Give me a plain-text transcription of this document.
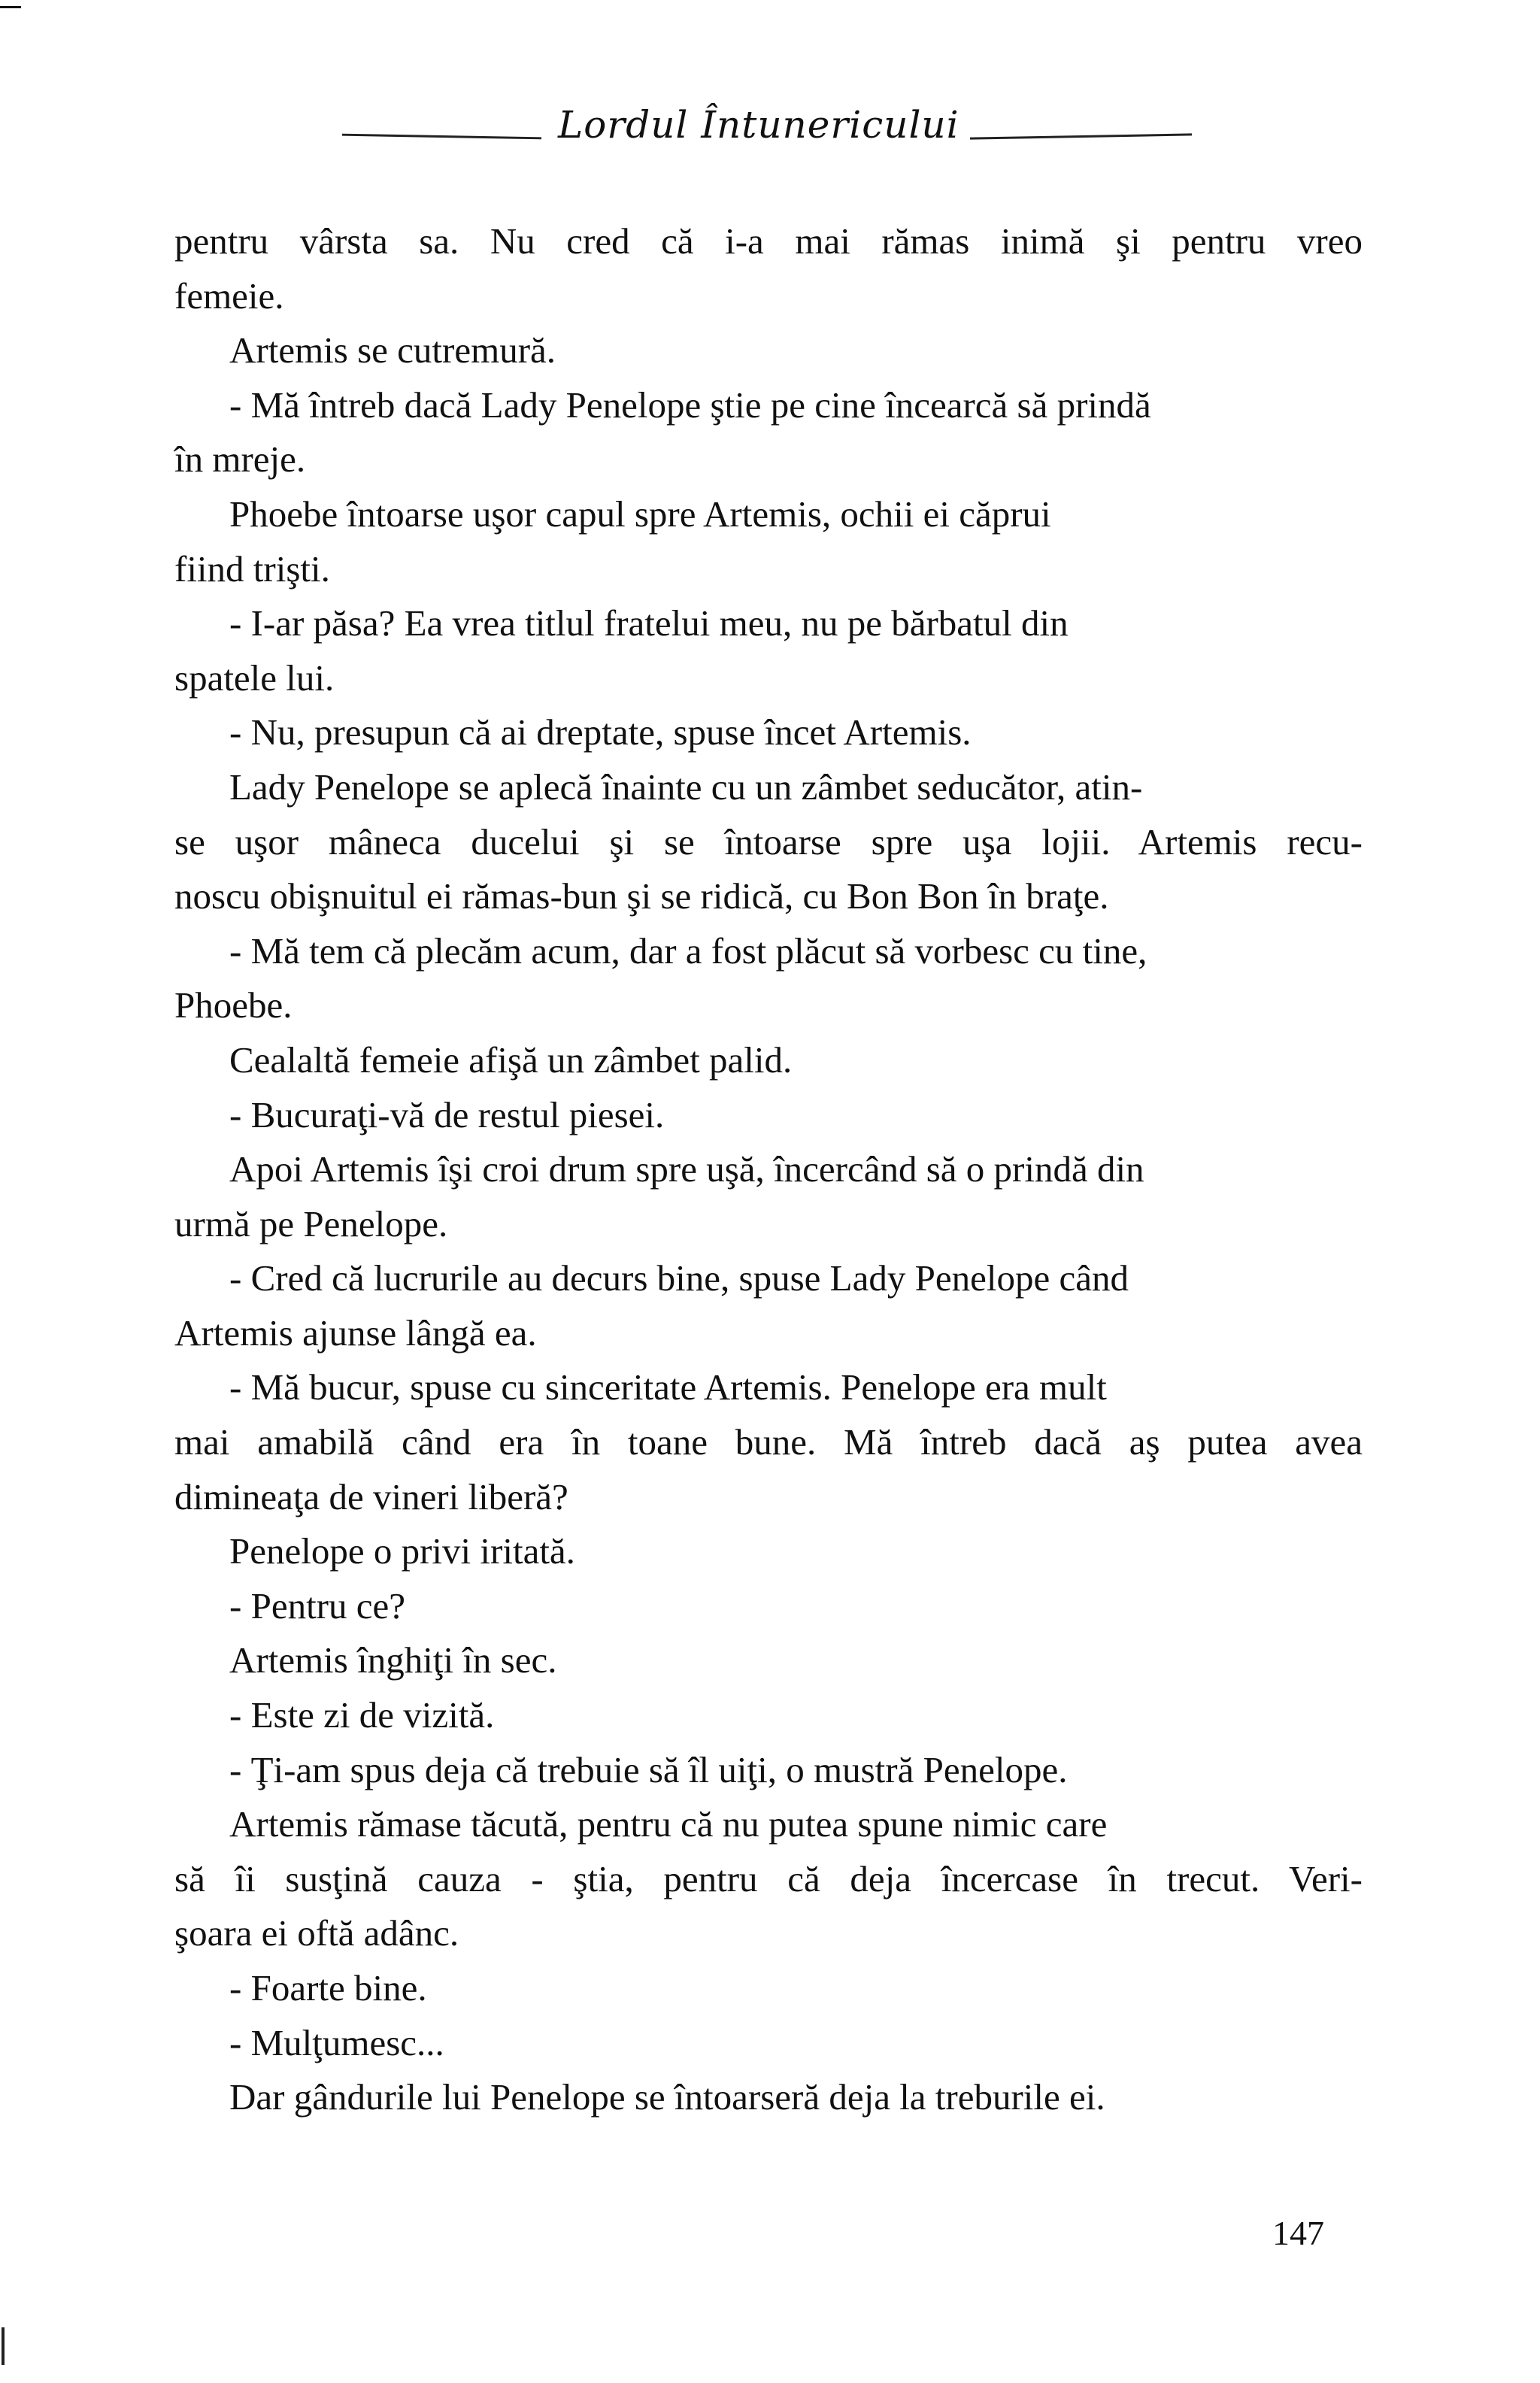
Lordul Întunericului
pentru vârsta sa. Nu cred că i-a mai rămas inimă şi pentru vreo
femeie.
Artemis se cutremură.
- Mă întreb dacă Lady Penelope ştie pe cine încearcă să prindă
în mreje.
Phoebe întoarse uşor capul spre Artemis, ochii ei căprui
fiind trişti.
- I-ar păsa? Ea vrea titlul fratelui meu, nu pe bărbatul din
spatele lui.
- Nu, presupun că ai dreptate, spuse încet Artemis.
Lady Penelope se aplecă înainte cu un zâmbet seducător, atin-
se uşor mâneca ducelui şi se întoarse spre uşa lojii. Artemis recu-
noscu obişnuitul ei rămas-bun şi se ridică, cu Bon Bon în braţe.
- Mă tem că plecăm acum, dar a fost plăcut să vorbesc cu tine,
Phoebe.
Cealaltă femeie afişă un zâmbet palid.
- Bucuraţi-vă de restul piesei.
Apoi Artemis îşi croi drum spre uşă, încercând să o prindă din
urmă pe Penelope.
- Cred că lucrurile au decurs bine, spuse Lady Penelope când
Artemis ajunse lângă ea.
- Mă bucur, spuse cu sinceritate Artemis. Penelope era mult
mai amabilă când era în toane bune. Mă întreb dacă aş putea avea
dimineaţa de vineri liberă?
Penelope o privi iritată.
- Pentru ce?
Artemis înghiţi în sec.
- Este zi de vizită.
- Ţi-am spus deja că trebuie să îl uiţi, o mustră Penelope.
Artemis rămase tăcută, pentru că nu putea spune nimic care
să îi susţină cauza - ştia, pentru că deja încercase în trecut. Veri-
şoara ei oftă adânc.
- Foarte bine.
- Mulţumesc...
Dar gândurile lui Penelope se întoarseră deja la treburile ei.
147
